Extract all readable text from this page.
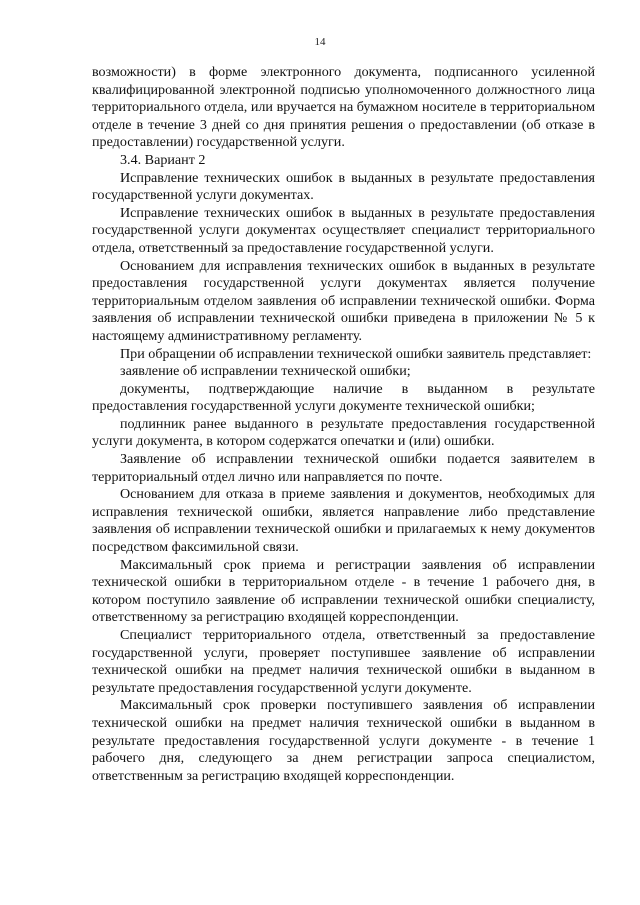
14

возможности) в форме электронного документа, подписанного усиленной квалифицированной электронной подписью уполномоченного должностного лица территориального отдела, или вручается на бумажном носителе в территориальном отделе в течение 3 дней со дня принятия решения о предоставлении (об отказе в предоставлении) государственной услуги.

3.4. Вариант 2

Исправление технических ошибок в выданных в результате предоставления государственной услуги документах.

Исправление технических ошибок в выданных в результате предоставления государственной услуги документах осуществляет специалист территориального отдела, ответственный за предоставление государственной услуги.

Основанием для исправления технических ошибок в выданных в результате предоставления государственной услуги документах является получение территориальным отделом заявления об исправлении технической ошибки. Форма заявления об исправлении технической ошибки приведена в приложении № 5 к настоящему административному регламенту.

При обращении об исправлении технической ошибки заявитель представляет:

заявление об исправлении технической ошибки;

документы, подтверждающие наличие в выданном в результате предоставления государственной услуги документе технической ошибки;

подлинник ранее выданного в результате предоставления государственной услуги документа, в котором содержатся опечатки и (или) ошибки.

Заявление об исправлении технической ошибки подается заявителем в территориальный отдел лично или направляется по почте.

Основанием для отказа в приеме заявления и документов, необходимых для исправления технической ошибки, является направление либо представление заявления об исправлении технической ошибки и прилагаемых к нему документов посредством факсимильной связи.

Максимальный срок приема и регистрации заявления об исправлении технической ошибки в территориальном отделе - в течение 1 рабочего дня, в котором поступило заявление об исправлении технической ошибки специалисту, ответственному за регистрацию входящей корреспонденции.

Специалист территориального отдела, ответственный за предоставление государственной услуги, проверяет поступившее заявление об исправлении технической ошибки на предмет наличия технической ошибки в выданном в результате предоставления государственной услуги документе.

Максимальный срок проверки поступившего заявления об исправлении технической ошибки на предмет наличия технической ошибки в выданном в результате предоставления государственной услуги документе - в течение 1 рабочего дня, следующего за днем регистрации запроса специалистом, ответственным за регистрацию входящей корреспонденции.
